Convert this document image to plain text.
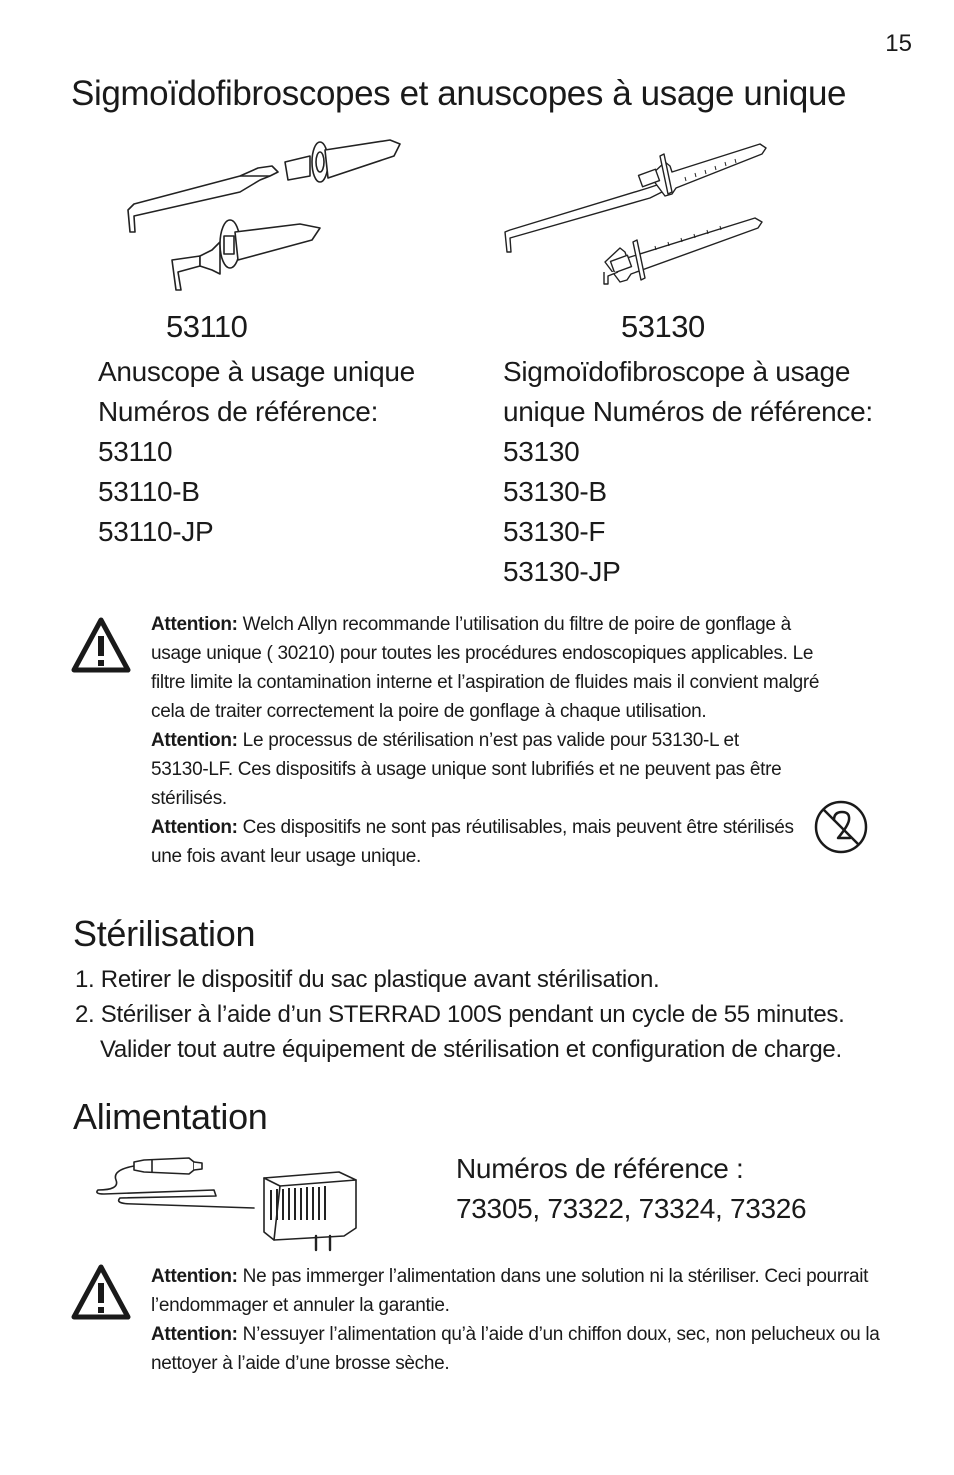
15
Sigmoïdofibroscopes et anuscopes à usage unique
53110
Anuscope à usage unique
Numéros de référence:
53110
53110-B
53110-JP
53130
Sigmoïdofibroscope à usage
unique Numéros de référence:
53130
53130-B
53130-F
53130-JP

Attention: Welch Allyn recommande l’utilisation du filtre de poire de gonflage à usage unique ( 30210) pour toutes les procédures endoscopiques applicables. Le filtre limite la contamination interne et l’aspiration de fluides mais il convient malgré cela de traiter correctement la poire de gonflage à chaque utilisation.

Attention: Le processus de stérilisation n’est pas valide pour 53130-L et 53130-LF. Ces dispositifs à usage unique sont lubrifiés et ne peuvent pas être stérilisés.

Attention: Ces dispositifs ne sont pas réutilisables, mais peuvent être stérilisés une fois avant leur usage unique.

Stérilisation
1. Retirer le dispositif du sac plastique avant stérilisation.
2. Stériliser à l’aide d’un STERRAD 100S pendant un cycle de 55 minutes.
Valider tout autre équipement de stérilisation et configuration de charge.
Alimentation
Numéros de référence :
73305, 73322, 73324, 73326

Attention: Ne pas immerger l’alimentation dans une solution ni la stériliser. Ceci pourrait l’endommager et annuler la garantie.

Attention: N’essuyer l’alimentation qu’à l’aide d’un chiffon doux, sec, non pelucheux ou la nettoyer à l’aide d’une brosse sèche.
